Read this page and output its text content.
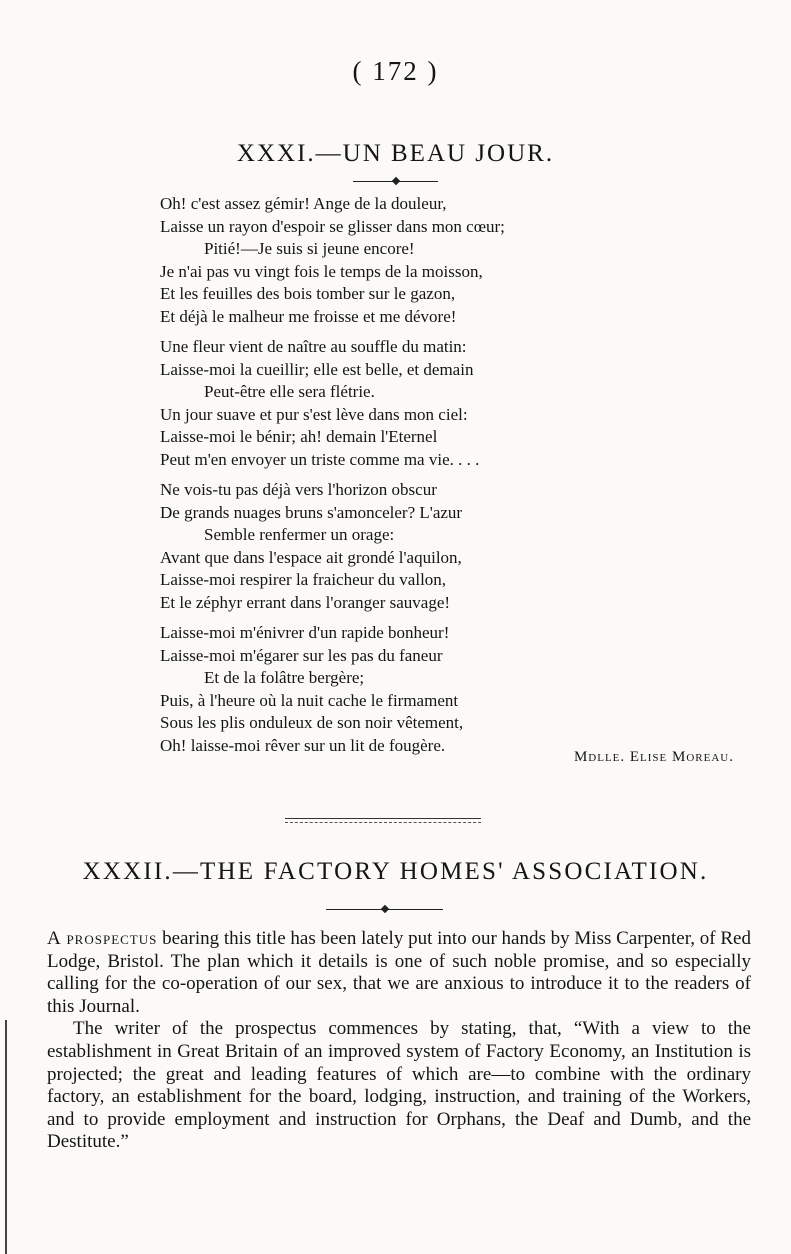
( 172 )
XXXI.—UN BEAU JOUR.
Oh! c'est assez gémir! Ange de la douleur,
Laisse un rayon d'espoir se glisser dans mon cœur;
Pitié!—Je suis si jeune encore!
Je n'ai pas vu vingt fois le temps de la moisson,
Et les feuilles des bois tomber sur le gazon,
Et déjà le malheur me froisse et me dévore!
Une fleur vient de naître au souffle du matin:
Laisse-moi la cueillir; elle est belle, et demain
Peut-être elle sera flétrie.
Un jour suave et pur s'est lève dans mon ciel:
Laisse-moi le bénir; ah! demain l'Eternel
Peut m'en envoyer un triste comme ma vie. . . .
Ne vois-tu pas déjà vers l'horizon obscur
De grands nuages bruns s'amonceler? L'azur
Semble renfermer un orage:
Avant que dans l'espace ait grondé l'aquilon,
Laisse-moi respirer la fraicheur du vallon,
Et le zéphyr errant dans l'oranger sauvage!
Laisse-moi m'énivrer d'un rapide bonheur!
Laisse-moi m'égarer sur les pas du faneur
Et de la folâtre bergère;
Puis, à l'heure où la nuit cache le firmament
Sous les plis onduleux de son noir vêtement,
Oh! laisse-moi rêver sur un lit de fougère.
Mdlle. Elise Moreau.
XXXII.—THE FACTORY HOMES' ASSOCIATION.

A prospectus bearing this title has been lately put into our hands by Miss Carpenter, of Red Lodge, Bristol. The plan which it details is one of such noble promise, and so especially calling for the co-operation of our sex, that we are anxious to introduce it to the readers of this Journal.

The writer of the prospectus commences by stating, that, “With a view to the establishment in Great Britain of an improved system of Factory Economy, an Institution is projected; the great and leading features of which are—to combine with the ordinary factory, an establishment for the board, lodging, instruction, and training of the Workers, and to provide employment and instruction for Orphans, the Deaf and Dumb, and the Destitute.”
